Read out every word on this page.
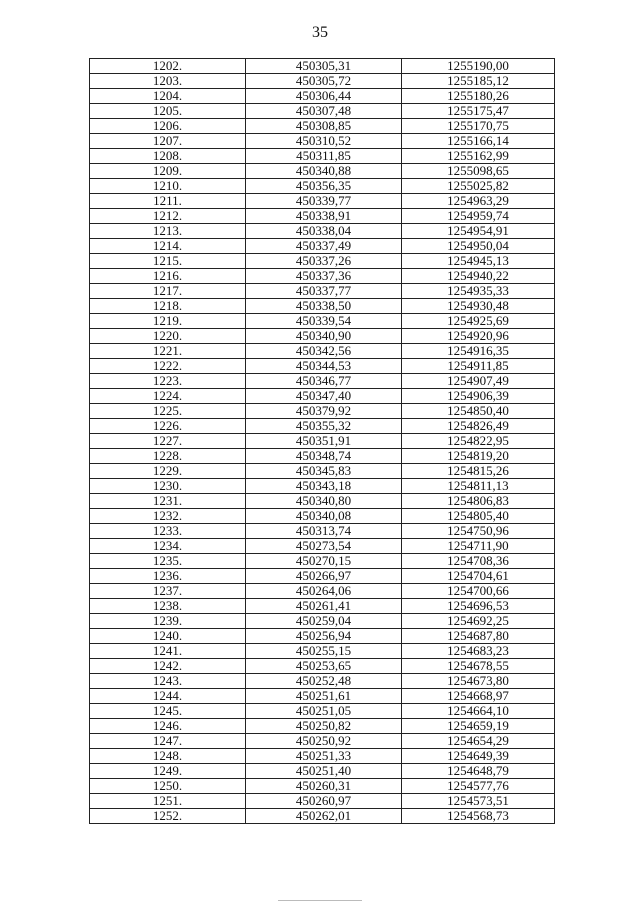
35
1202.	450305,31	1255190,00
1203.	450305,72	1255185,12
1204.	450306,44	1255180,26
1205.	450307,48	1255175,47
1206.	450308,85	1255170,75
1207.	450310,52	1255166,14
1208.	450311,85	1255162,99
1209.	450340,88	1255098,65
1210.	450356,35	1255025,82
1211.	450339,77	1254963,29
1212.	450338,91	1254959,74
1213.	450338,04	1254954,91
1214.	450337,49	1254950,04
1215.	450337,26	1254945,13
1216.	450337,36	1254940,22
1217.	450337,77	1254935,33
1218.	450338,50	1254930,48
1219.	450339,54	1254925,69
1220.	450340,90	1254920,96
1221.	450342,56	1254916,35
1222.	450344,53	1254911,85
1223.	450346,77	1254907,49
1224.	450347,40	1254906,39
1225.	450379,92	1254850,40
1226.	450355,32	1254826,49
1227.	450351,91	1254822,95
1228.	450348,74	1254819,20
1229.	450345,83	1254815,26
1230.	450343,18	1254811,13
1231.	450340,80	1254806,83
1232.	450340,08	1254805,40
1233.	450313,74	1254750,96
1234.	450273,54	1254711,90
1235.	450270,15	1254708,36
1236.	450266,97	1254704,61
1237.	450264,06	1254700,66
1238.	450261,41	1254696,53
1239.	450259,04	1254692,25
1240.	450256,94	1254687,80
1241.	450255,15	1254683,23
1242.	450253,65	1254678,55
1243.	450252,48	1254673,80
1244.	450251,61	1254668,97
1245.	450251,05	1254664,10
1246.	450250,82	1254659,19
1247.	450250,92	1254654,29
1248.	450251,33	1254649,39
1249.	450251,40	1254648,79
1250.	450260,31	1254577,76
1251.	450260,97	1254573,51
1252.	450262,01	1254568,73
